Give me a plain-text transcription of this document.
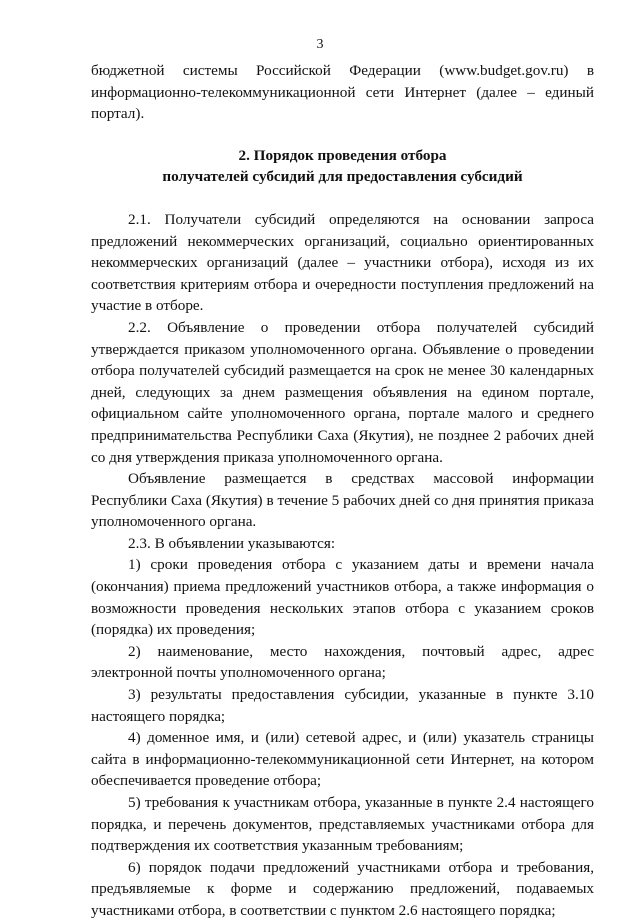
3

бюджетной системы Российской Федерации (www.budget.gov.ru) в информационно-телекоммуникационной сети Интернет (далее – единый портал).

2. Порядок проведения отбора
получателей субсидий для предоставления субсидий

2.1. Получатели субсидий определяются на основании запроса предложений некоммерческих организаций, социально ориентированных некоммерческих организаций (далее – участники отбора), исходя из их соответствия критериям отбора и очередности поступления предложений на участие в отборе.

2.2. Объявление о проведении отбора получателей субсидий утверждается приказом уполномоченного органа. Объявление о проведении отбора получателей субсидий размещается на срок не менее 30 календарных дней, следующих за днем размещения объявления на едином портале, официальном сайте уполномоченного органа, портале малого и среднего предпринимательства Республики Саха (Якутия), не позднее 2 рабочих дней со дня утверждения приказа уполномоченного органа.

Объявление размещается в средствах массовой информации Республики Саха (Якутия) в течение 5 рабочих дней со дня принятия приказа уполномоченного органа.

2.3. В объявлении указываются:

1) сроки проведения отбора с указанием даты и времени начала (окончания) приема предложений участников отбора, а также информация о возможности проведения нескольких этапов отбора с указанием сроков (порядка) их проведения;

2) наименование, место нахождения, почтовый адрес, адрес электронной почты уполномоченного органа;

3) результаты предоставления субсидии, указанные в пункте 3.10 настоящего порядка;

4) доменное имя, и (или) сетевой адрес, и (или) указатель страницы сайта в информационно-телекоммуникационной сети Интернет, на котором обеспечивается проведение отбора;

5) требования к участникам отбора, указанные в пункте 2.4 настоящего порядка, и перечень документов, представляемых участниками отбора для подтверждения их соответствия указанным требованиям;

6) порядок подачи предложений участниками отбора и требования, предъявляемые к форме и содержанию предложений, подаваемых участниками отбора, в соответствии с пунктом 2.6 настоящего порядка;
